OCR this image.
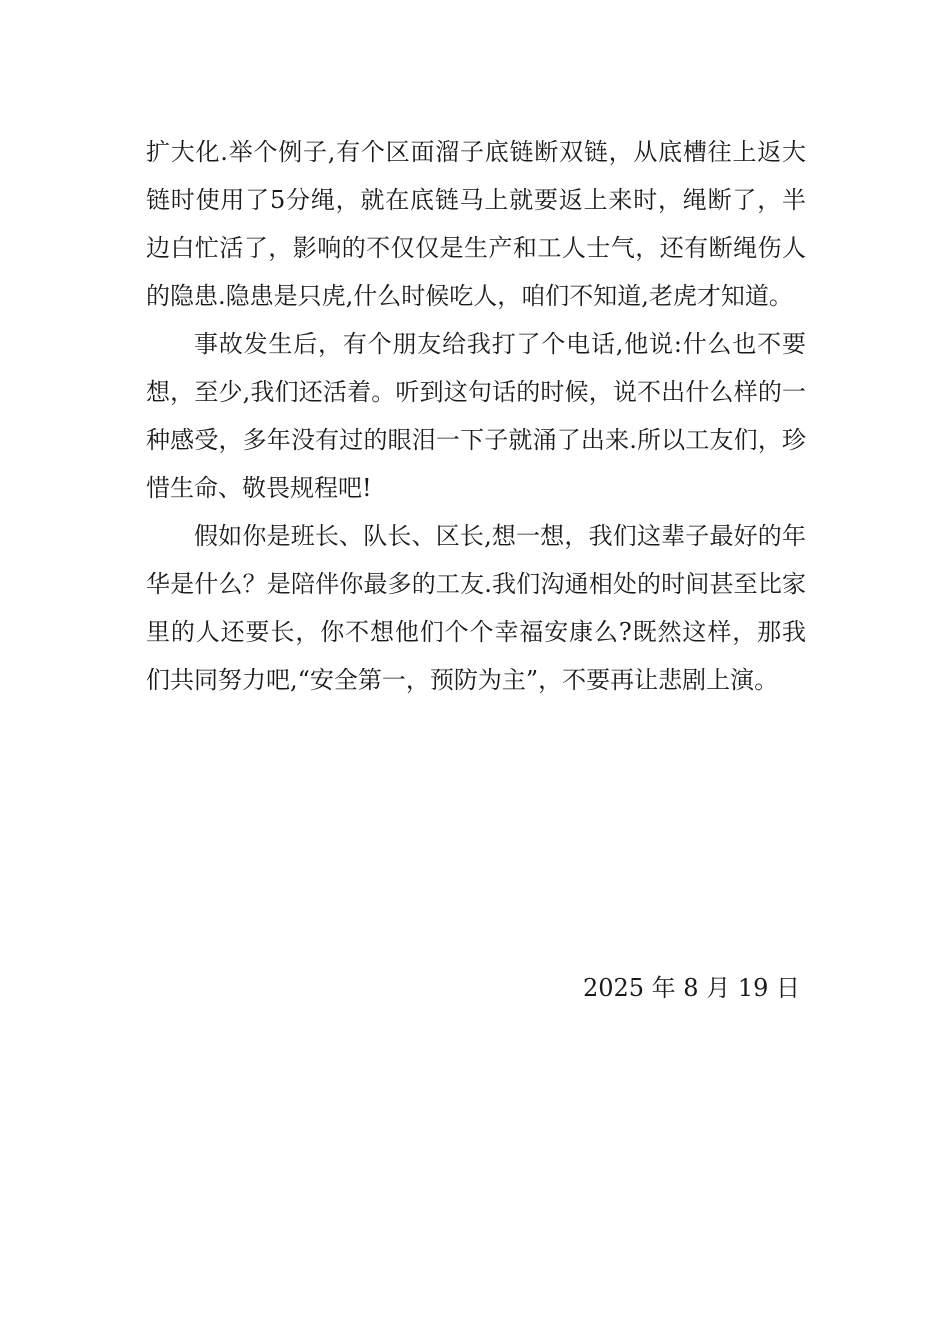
扩大化.举个例子,有个区面溜子底链断双链，从底槽往上返大链时使用了5分绳，就在底链马上就要返上来时，绳断了，半边白忙活了，影响的不仅仅是生产和工人士气，还有断绳伤人的隐患.隐患是只虎,什么时候吃人，咱们不知道,老虎才知道。

事故发生后，有个朋友给我打了个电话,他说:什么也不要想，至少,我们还活着。听到这句话的时候，说不出什么样的一种感受，多年没有过的眼泪一下子就涌了出来.所以工友们，珍惜生命、敬畏规程吧!

假如你是班长、队长、区长,想一想，我们这辈子最好的年华是什么？是陪伴你最多的工友.我们沟通相处的时间甚至比家里的人还要长，你不想他们个个幸福安康么?既然这样，那我们共同努力吧,“安全第一，预防为主”，不要再让悲剧上演。

2025 年 8 月 19 日
